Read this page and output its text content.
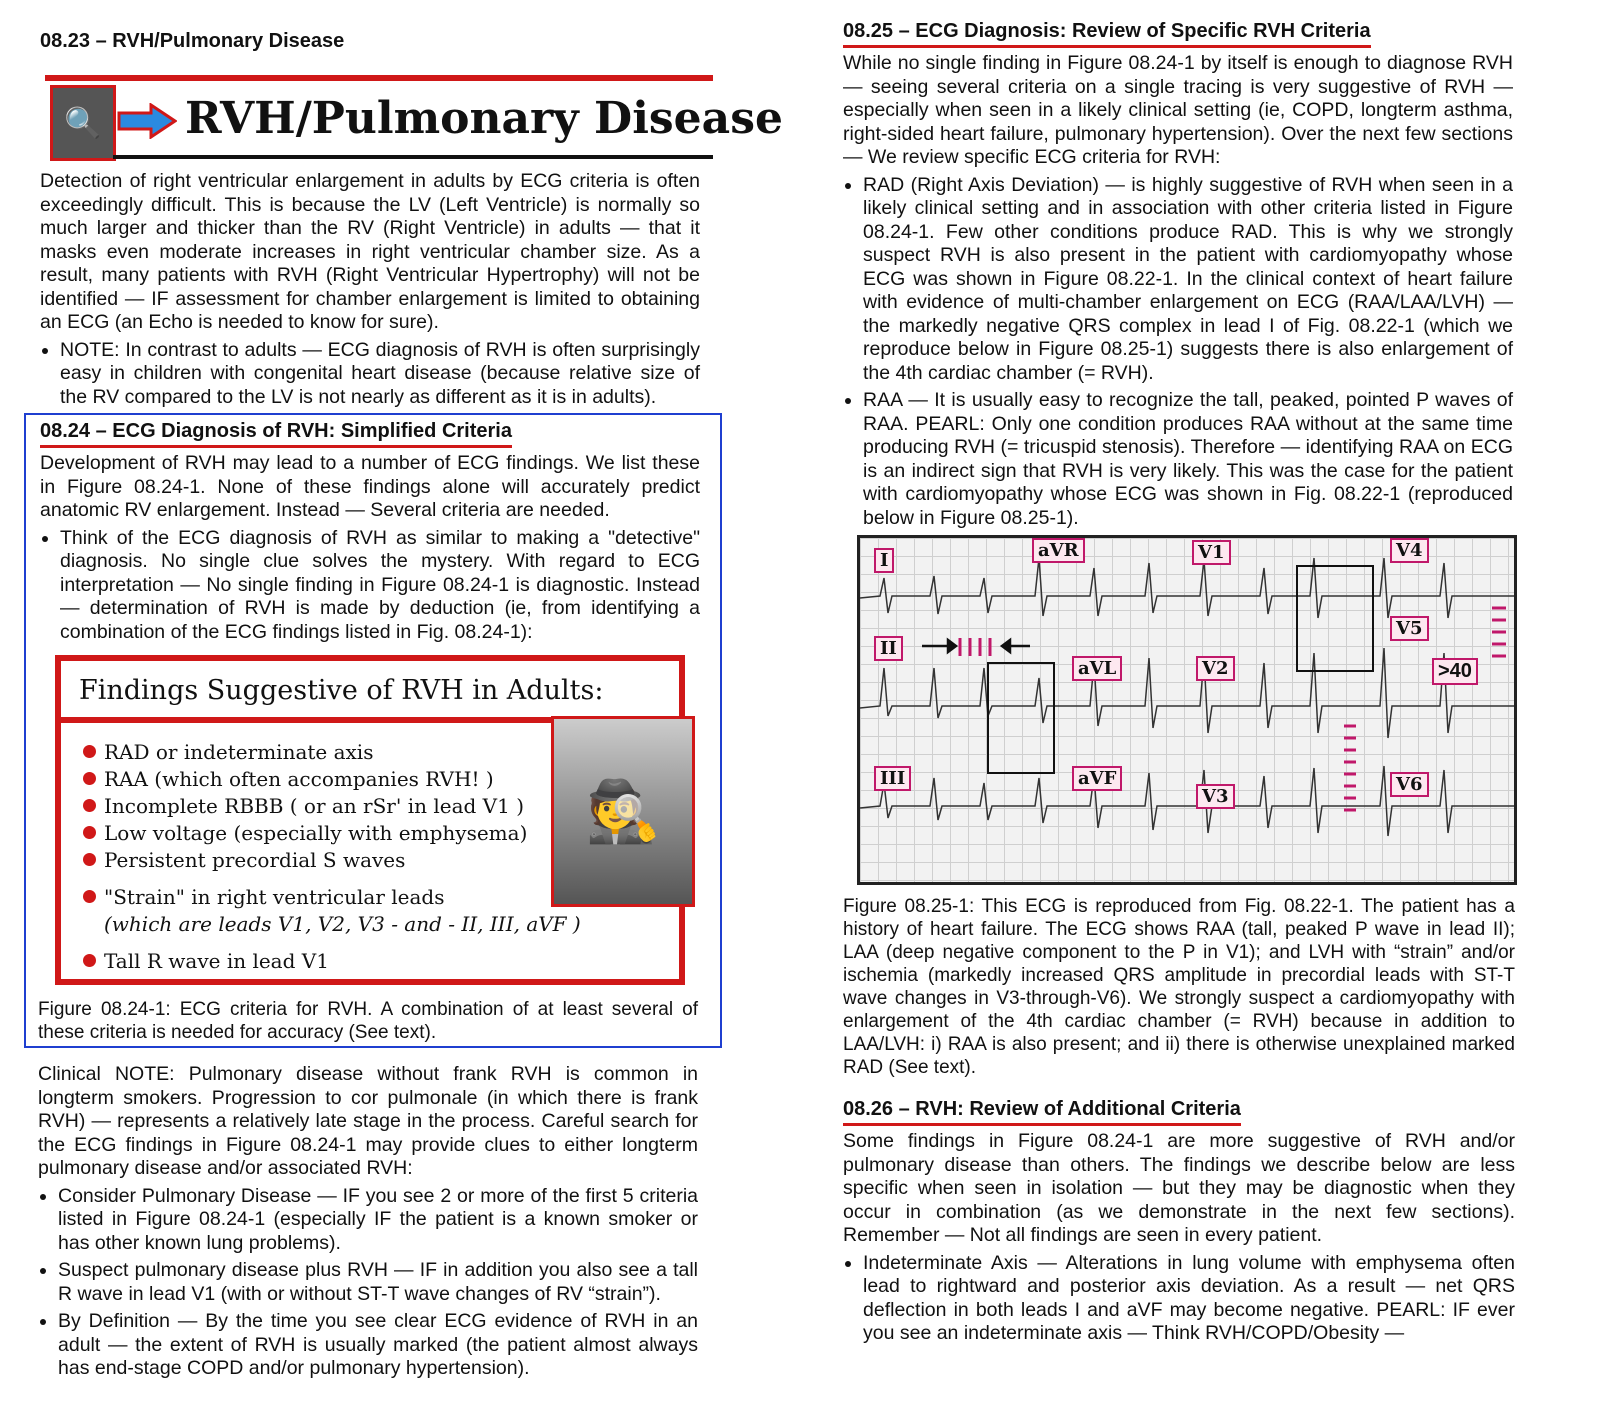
08.23 – RVH/Pulmonary Disease
🔍	RVH/Pulmonary Disease

Detection of right ventricular enlargement in adults by ECG criteria is often exceedingly difficult. This is because the LV (Left Ventricle) is normally so much larger and thicker than the RV (Right Ventricle) in adults — that it masks even moderate increases in right ventricular chamber size. As a result, many patients with RVH (Right Ventricular Hypertrophy) will not be identified — IF assessment for chamber enlargement is limited to obtaining an ECG (an Echo is needed to know for sure).

• NOTE: In contrast to adults — ECG diagnosis of RVH is often surprisingly easy in children with congenital heart disease (because relative size of the RV compared to the LV is not nearly as different as it is in adults).
08.24 – ECG Diagnosis of RVH: Simplified Criteria

Development of RVH may lead to a number of ECG findings. We list these in Figure 08.24-1. None of these findings alone will accurately predict anatomic RV enlargement. Instead — Several criteria are needed.

• Think of the ECG diagnosis of RVH as similar to making a "detective" diagnosis. No single clue solves the mystery. With regard to ECG interpretation — No single finding in Figure 08.24-1 is diagnostic. Instead — determination of RVH is made by deduction (ie, from identifying a combination of the ECG findings listed in Fig. 08.24-1):
Findings Suggestive of RVH in Adults:
RAD or indeterminate axis
RAA (which often accompanies RVH! )
Incomplete RBBB ( or an rSr' in lead V1 )
Low voltage (especially with emphysema)
Persistent precordial S waves
"Strain" in right ventricular leads
(which are leads V1, V2, V3 - and - II, III, aVF )
Tall R wave in lead V1
🕵

Figure 08.24-1: ECG criteria for RVH. A combination of at least several of these criteria is needed for accuracy (See text).

Clinical NOTE: Pulmonary disease without frank RVH is common in longterm smokers. Progression to cor pulmonale (in which there is frank RVH) — represents a relatively late stage in the process. Careful search for the ECG findings in Figure 08.24-1 may provide clues to either longterm pulmonary disease and/or associated RVH:

• Consider Pulmonary Disease — IF you see 2 or more of the first 5 criteria listed in Figure 08.24-1 (especially IF the patient is a known smoker or has other known lung problems).
• Suspect pulmonary disease plus RVH — IF in addition you also see a tall R wave in lead V1 (with or without ST-T wave changes of RV “strain”).
• By Definition — By the time you see clear ECG evidence of RVH in an adult — the extent of RVH is usually marked (the patient almost always has end-stage COPD and/or pulmonary hypertension).
08.25 – ECG Diagnosis: Review of Specific RVH Criteria

While no single finding in Figure 08.24-1 by itself is enough to diagnose RVH — seeing several criteria on a single tracing is very suggestive of RVH — especially when seen in a likely clinical setting (ie, COPD, longterm asthma, right-sided heart failure, pulmonary hypertension). Over the next few sections — We review specific ECG criteria for RVH:

• RAD (Right Axis Deviation) — is highly suggestive of RVH when seen in a likely clinical setting and in association with other criteria listed in Figure 08.24-1. Few other conditions produce RAD. This is why we strongly suspect RVH is also present in the patient with cardiomyopathy whose ECG was shown in Figure 08.22-1. In the clinical context of heart failure with evidence of multi-chamber enlargement on ECG (RAA/LAA/LVH) — the markedly negative QRS complex in lead I of Fig. 08.22-1 (which we reproduce below in Figure 08.25-1) suggests there is also enlargement of the 4th cardiac chamber (= RVH).
• RAA — It is usually easy to recognize the tall, peaked, pointed P waves of RAA. PEARL: Only one condition produces RAA without at the same time producing RVH (= tricuspid stenosis). Therefore — identifying RAA on ECG is an indirect sign that RVH is very likely. This was the case for the patient with cardiomyopathy whose ECG was shown in Fig. 08.22-1 (reproduced below in Figure 08.25-1).
I	aVR	V1	V4
II
aVL	V2
V5
III	aVF
V3
V6
>40

Figure 08.25-1: This ECG is reproduced from Fig. 08.22-1. The patient has a history of heart failure. The ECG shows RAA (tall, peaked P wave in lead II); LAA (deep negative component to the P in V1); and LVH with “strain” and/or ischemia (markedly increased QRS amplitude in precordial leads with ST-T wave changes in V3-through-V6). We strongly suspect a cardiomyopathy with enlargement of the 4th cardiac chamber (= RVH) because in addition to LAA/LVH: i) RAA is also present; and ii) there is otherwise unexplained marked RAD (See text).

08.26 – RVH: Review of Additional Criteria

Some findings in Figure 08.24-1 are more suggestive of RVH and/or pulmonary disease than others. The findings we describe below are less specific when seen in isolation — but they may be diagnostic when they occur in combination (as we demonstrate in the next few sections). Remember — Not all findings are seen in every patient.

• Indeterminate Axis — Alterations in lung volume with emphysema often lead to rightward and posterior axis deviation. As a result — net QRS deflection in both leads I and aVF may become negative. PEARL: IF ever you see an indeterminate axis — Think RVH/COPD/Obesity —
